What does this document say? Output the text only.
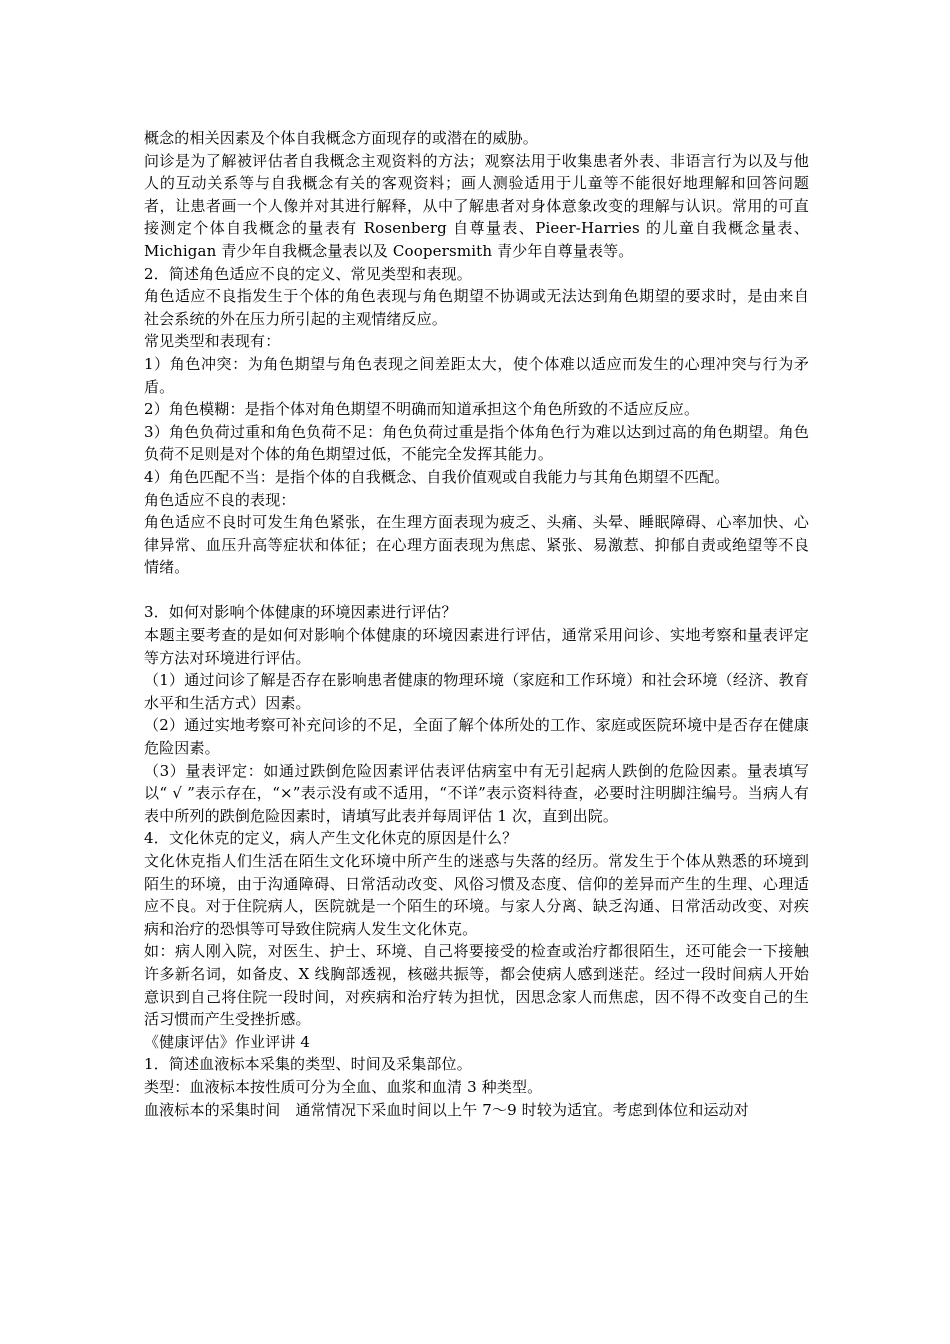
概念的相关因素及个体自我概念方面现存的或潜在的威胁。

问诊是为了解被评估者自我概念主观资料的方法；观察法用于收集患者外表、非语言行为以及与他人的互动关系等与自我概念有关的客观资料；画人测验适用于儿童等不能很好地理解和回答问题者，让患者画一个人像并对其进行解释，从中了解患者对身体意象改变的理解与认识。常用的可直接测定个体自我概念的量表有 Rosenberg 自尊量表、Pieer-Harries 的儿童自我概念量表、Michigan 青少年自我概念量表以及 Coopersmith 青少年自尊量表等。

2．简述角色适应不良的定义、常见类型和表现。

角色适应不良指发生于个体的角色表现与角色期望不协调或无法达到角色期望的要求时，是由来自社会系统的外在压力所引起的主观情绪反应。

常见类型和表现有：

1）角色冲突：为角色期望与角色表现之间差距太大，使个体难以适应而发生的心理冲突与行为矛盾。

2）角色模糊：是指个体对角色期望不明确而知道承担这个角色所致的不适应反应。

3）角色负荷过重和角色负荷不足：角色负荷过重是指个体角色行为难以达到过高的角色期望。角色负荷不足则是对个体的角色期望过低，不能完全发挥其能力。

4）角色匹配不当：是指个体的自我概念、自我价值观或自我能力与其角色期望不匹配。

角色适应不良的表现：

角色适应不良时可发生角色紧张，在生理方面表现为疲乏、头痛、头晕、睡眠障碍、心率加快、心律异常、血压升高等症状和体征；在心理方面表现为焦虑、紧张、易激惹、抑郁自责或绝望等不良情绪。

3．如何对影响个体健康的环境因素进行评估？

本题主要考查的是如何对影响个体健康的环境因素进行评估，通常采用问诊、实地考察和量表评定等方法对环境进行评估。

（1）通过问诊了解是否存在影响患者健康的物理环境（家庭和工作环境）和社会环境（经济、教育水平和生活方式）因素。

（2）通过实地考察可补充问诊的不足，全面了解个体所处的工作、家庭或医院环境中是否存在健康危险因素。

（3）量表评定：如通过跌倒危险因素评估表评估病室中有无引起病人跌倒的危险因素。量表填写以“ √ ”表示存在，“×”表示没有或不适用，“不详”表示资料待查，必要时注明脚注编号。当病人有表中所列的跌倒危险因素时，请填写此表并每周评估 1 次，直到出院。

4．文化休克的定义，病人产生文化休克的原因是什么？

文化休克指人们生活在陌生文化环境中所产生的迷惑与失落的经历。常发生于个体从熟悉的环境到陌生的环境，由于沟通障碍、日常活动改变、风俗习惯及态度、信仰的差异而产生的生理、心理适应不良。对于住院病人，医院就是一个陌生的环境。与家人分离、缺乏沟通、日常活动改变、对疾病和治疗的恐惧等可导致住院病人发生文化休克。

如：病人刚入院，对医生、护士、环境、自己将要接受的检查或治疗都很陌生，还可能会一下接触许多新名词，如备皮、X 线胸部透视，核磁共振等，都会使病人感到迷茫。经过一段时间病人开始意识到自己将住院一段时间，对疾病和治疗转为担忧，因思念家人而焦虑，因不得不改变自己的生活习惯而产生受挫折感。

《健康评估》作业评讲 4

1．简述血液标本采集的类型、时间及采集部位。

类型：血液标本按性质可分为全血、血浆和血清 3 种类型。

血液标本的采集时间　通常情况下采血时间以上午 7～9 时较为适宜。考虑到体位和运动对
